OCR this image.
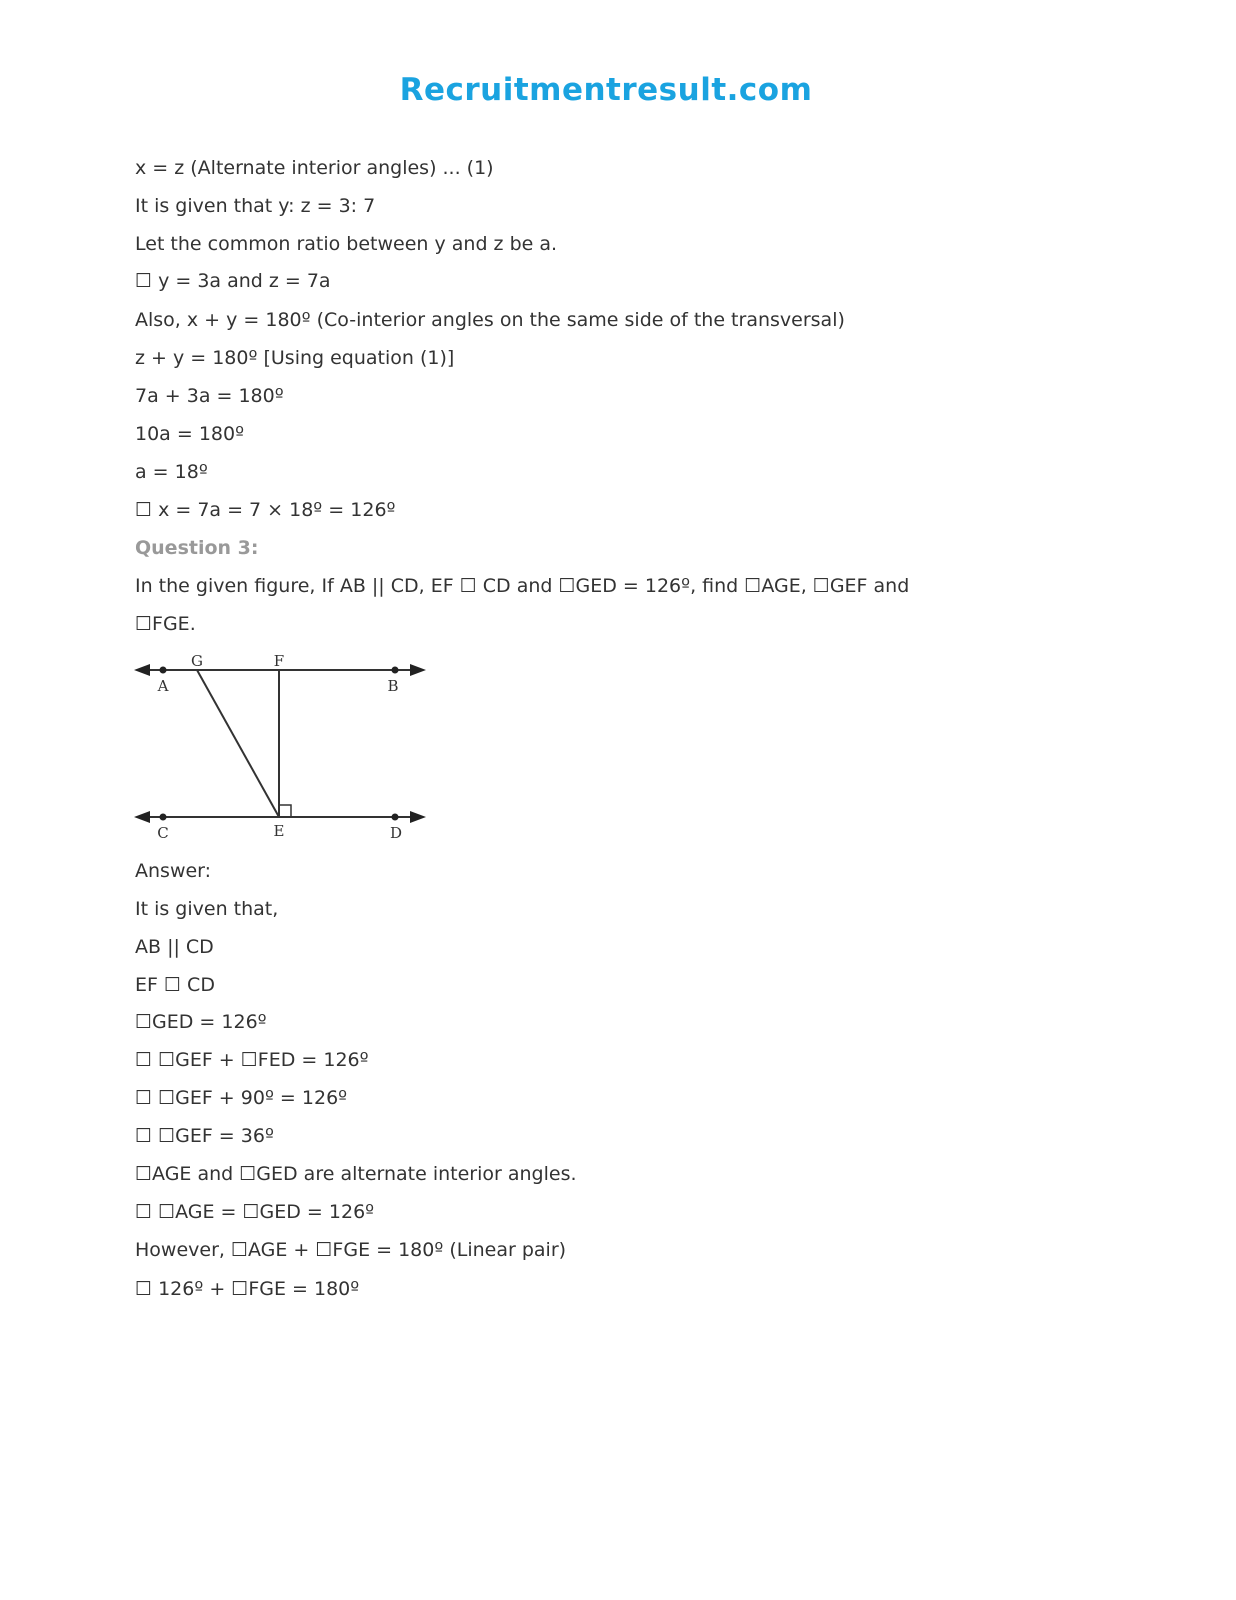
Recruitmentresult.com
x = z (Alternate interior angles) ... (1)
It is given that y: z = 3: 7
Let the common ratio between y and z be a.
☐ y = 3a and z = 7a
Also, x + y = 180º (Co-interior angles on the same side of the transversal)
z + y = 180º [Using equation (1)]
7a + 3a = 180º
10a = 180º
a = 18º
☐ x = 7a = 7 × 18º = 126º
Question 3:
In the given figure, If AB || CD, EF ☐ CD and ☐GED = 126º, find ☐AGE, ☐GEF and
☐FGE.
G	F
A	B
C	E	D
Answer:
It is given that,
AB || CD
EF ☐ CD
☐GED = 126º
☐ ☐GEF + ☐FED = 126º
☐ ☐GEF + 90º = 126º
☐ ☐GEF = 36º
☐AGE and ☐GED are alternate interior angles.
☐ ☐AGE = ☐GED = 126º
However, ☐AGE + ☐FGE = 180º (Linear pair)
☐ 126º + ☐FGE = 180º
